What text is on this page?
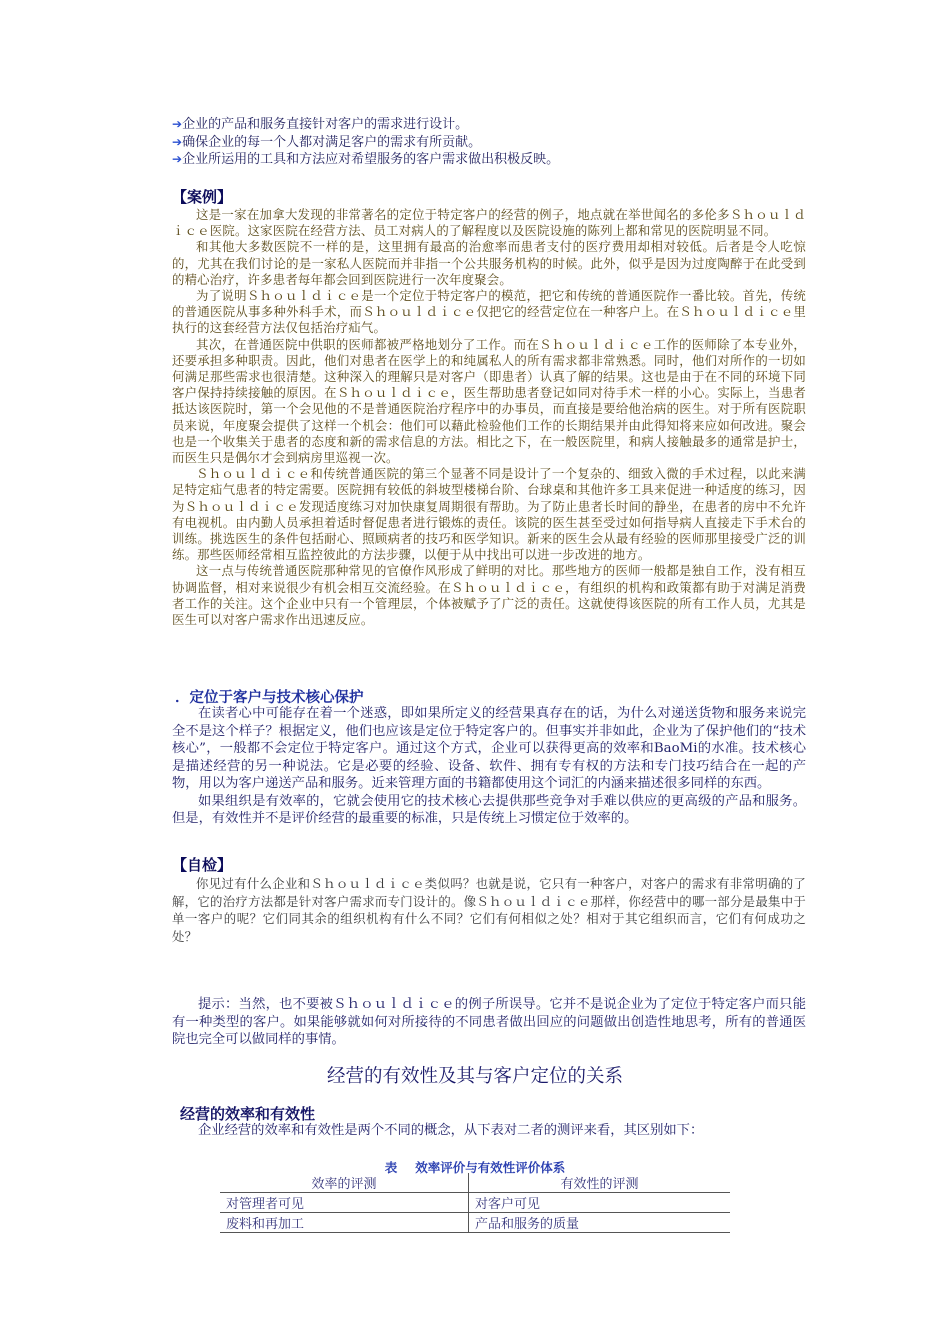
➔企业的产品和服务直接针对客户的需求进行设计。
➔确保企业的每一个人都对满足客户的需求有所贡献。
➔企业所运用的工具和方法应对希望服务的客户需求做出积极反映。
【案例】

这是一家在加拿大发现的非常著名的定位于特定客户的经营的例子，地点就在举世闻名的多伦多Ｓｈｏｕｌｄｉｃｅ医院。这家医院在经营方法、员工对病人的了解程度以及医院设施的陈列上都和常见的医院明显不同。

和其他大多数医院不一样的是，这里拥有最高的治愈率而患者支付的医疗费用却相对较低。后者是令人吃惊的，尤其在我们讨论的是一家私人医院而并非指一个公共服务机构的时候。此外，似乎是因为过度陶醉于在此受到的精心治疗，许多患者每年都会回到医院进行一次年度聚会。

为了说明Ｓｈｏｕｌｄｉｃｅ是一个定位于特定客户的模范，把它和传统的普通医院作一番比较。首先，传统的普通医院从事多种外科手术，而Ｓｈｏｕｌｄｉｃｅ仅把它的经营定位在一种客户上。在Ｓｈｏｕｌｄｉｃｅ里执行的这套经营方法仅包括治疗疝气。

其次，在普通医院中供职的医师都被严格地划分了工作。而在Ｓｈｏｕｌｄｉｃｅ工作的医师除了本专业外，还要承担多种职责。因此，他们对患者在医学上的和纯属私人的所有需求都非常熟悉。同时，他们对所作的一切如何满足那些需求也很清楚。这种深入的理解只是对客户（即患者）认真了解的结果。这也是由于在不同的环境下同客户保持持续接触的原因。在Ｓｈｏｕｌｄｉｃｅ，医生帮助患者登记如同对待手术一样的小心。实际上，当患者抵达该医院时，第一个会见他的不是普通医院治疗程序中的办事员，而直接是要给他治病的医生。对于所有医院职员来说，年度聚会提供了这样一个机会：他们可以藉此检验他们工作的长期结果并由此得知将来应如何改进。聚会也是一个收集关于患者的态度和新的需求信息的方法。相比之下，在一般医院里，和病人接触最多的通常是护士，而医生只是偶尔才会到病房里巡视一次。

Ｓｈｏｕｌｄｉｃｅ和传统普通医院的第三个显著不同是设计了一个复杂的、细致入微的手术过程，以此来满足特定疝气患者的特定需要。医院拥有较低的斜坡型楼梯台阶、台球桌和其他许多工具来促进一种适度的练习，因为Ｓｈｏｕｌｄｉｃｅ发现适度练习对加快康复周期很有帮助。为了防止患者长时间的静坐，在患者的房中不允许有电视机。由内勤人员承担着适时督促患者进行锻炼的责任。该院的医生甚至受过如何指导病人直接走下手术台的训练。挑选医生的条件包括耐心、照顾病者的技巧和医学知识。新来的医生会从最有经验的医师那里接受广泛的训练。那些医师经常相互监控彼此的方法步骤，以便于从中找出可以进一步改进的地方。

这一点与传统普通医院那种常见的官僚作风形成了鲜明的对比。那些地方的医师一般都是独自工作，没有相互协调监督，相对来说很少有机会相互交流经验。在Ｓｈｏｕｌｄｉｃｅ，有组织的机构和政策都有助于对满足消费者工作的关注。这个企业中只有一个管理层，个体被赋予了广泛的责任。这就使得该医院的所有工作人员，尤其是医生可以对客户需求作出迅速反应。

．定位于客户与技术核心保护

在读者心中可能存在着一个迷惑，即如果所定义的经营果真存在的话，为什么对递送货物和服务来说完全不是这个样子？根据定义，他们也应该是定位于特定客户的。但事实并非如此，企业为了保护他们的“技术核心”，一般都不会定位于特定客户。通过这个方式，企业可以获得更高的效率和BaoMi的水准。技术核心是描述经营的另一种说法。它是必要的经验、设备、软件、拥有专有权的方法和专门技巧结合在一起的产物，用以为客户递送产品和服务。近来管理方面的书籍都使用这个词汇的内涵来描述很多同样的东西。

如果组织是有效率的，它就会使用它的技术核心去提供那些竞争对手难以供应的更高级的产品和服务。但是，有效性并不是评价经营的最重要的标准，只是传统上习惯定位于效率的。

【自检】

你见过有什么企业和Ｓｈｏｕｌｄｉｃｅ类似吗？也就是说，它只有一种客户，对客户的需求有非常明确的了解，它的治疗方法都是针对客户需求而专门设计的。像Ｓｈｏｕｌｄｉｃｅ那样，你经营中的哪一部分是最集中于单一客户的呢？它们同其余的组织机构有什么不同？它们有何相似之处？相对于其它组织而言，它们有何成功之处？

提示：当然，也不要被Ｓｈｏｕｌｄｉｃｅ的例子所误导。它并不是说企业为了定位于特定客户而只能有一种类型的客户。如果能够就如何对所接待的不同患者做出回应的问题做出创造性地思考，所有的普通医院也完全可以做同样的事情。

经营的有效性及其与客户定位的关系
经营的效率和有效性
企业经营的效率和有效性是两个不同的概念，从下表对二者的测评来看，其区别如下：
表 效率评价与有效性评价体系
效率的评测	有效性的评测
对管理者可见	对客户可见
废料和再加工	产品和服务的质量
